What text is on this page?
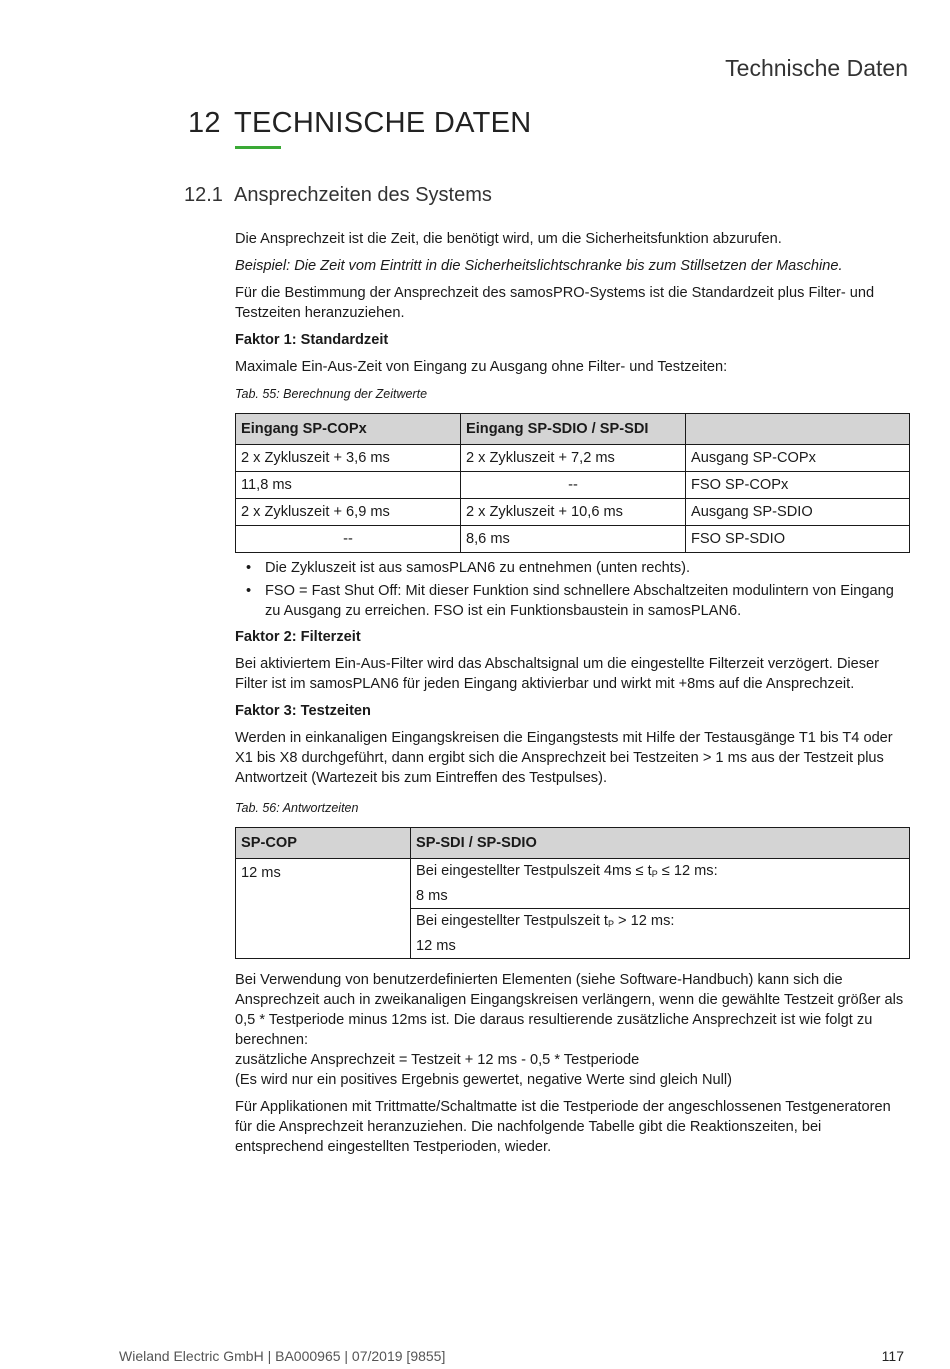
Technische Daten
12 TECHNISCHE DATEN
12.1 Ansprechzeiten des Systems

Die Ansprechzeit ist die Zeit, die benötigt wird, um die Sicherheitsfunktion abzurufen.

Beispiel: Die Zeit vom Eintritt in die Sicherheitslichtschranke bis zum Stillsetzen der Maschine.

Für die Bestimmung der Ansprechzeit des samosPRO-Systems ist die Standardzeit plus Filter- und Testzeiten heranzuziehen.

Faktor 1: Standardzeit

Maximale Ein-Aus-Zeit von Eingang zu Ausgang ohne Filter- und Testzeiten:

Tab. 55: Berechnung der Zeitwerte
Eingang SP-COPx	Eingang SP-SDIO / SP-SDI	
2 x Zykluszeit + 3,6 ms	2 x Zykluszeit + 7,2 ms	Ausgang SP-COPx
11,8 ms	--	FSO SP-COPx
2 x Zykluszeit + 6,9 ms	2 x Zykluszeit + 10,6 ms	Ausgang SP-SDIO
--	8,6 ms	FSO SP-SDIO
• Die Zykluszeit ist aus samosPLAN6 zu entnehmen (unten rechts).
• FSO = Fast Shut Off: Mit dieser Funktion sind schnellere Abschaltzeiten modulintern von Eingang zu Ausgang zu erreichen. FSO ist ein Funktionsbaustein in samosPLAN6.

Faktor 2: Filterzeit

Bei aktiviertem Ein-Aus-Filter wird das Abschaltsignal um die eingestellte Filterzeit verzögert. Dieser Filter ist im samosPLAN6 für jeden Eingang aktivierbar und wirkt mit +8ms auf die Ansprechzeit.

Faktor 3: Testzeiten

Werden in einkanaligen Eingangskreisen die Eingangstests mit Hilfe der Testausgänge T1 bis T4 oder X1 bis X8 durchgeführt, dann ergibt sich die Ansprechzeit bei Testzeiten > 1 ms aus der Testzeit plus Antwortzeit (Wartezeit bis zum Eintreffen des Testpulses).

Tab. 56: Antwortzeiten
SP-COP	SP-SDI / SP-SDIO
12 ms	Bei eingestellter Testpulszeit $4ms \le t_P \le 12$ ms:
8 ms
	Bei eingestellter Testpulszeit $t_P > 12$ ms:
12 ms

Bei Verwendung von benutzerdefinierten Elementen (siehe Software-Handbuch) kann sich die Ansprechzeit auch in zweikanaligen Eingangskreisen verlängern, wenn die gewählte Testzeit größer als 0,5 * Testperiode minus 12ms ist. Die daraus resultierende zusätzliche Ansprechzeit ist wie folgt zu berechnen:

zusätzliche Ansprechzeit = Testzeit + 12 ms - 0,5 * Testperiode

(Es wird nur ein positives Ergebnis gewertet, negative Werte sind gleich Null)

Für Applikationen mit Trittmatte/Schaltmatte ist die Testperiode der angeschlossenen Testgeneratoren für die Ansprechzeit heranzuziehen. Die nachfolgende Tabelle gibt die Reaktionszeiten, bei entsprechend eingestellten Testperioden, wieder.

Wieland Electric GmbH | BA000965 | 07/2019 [9855]	117
